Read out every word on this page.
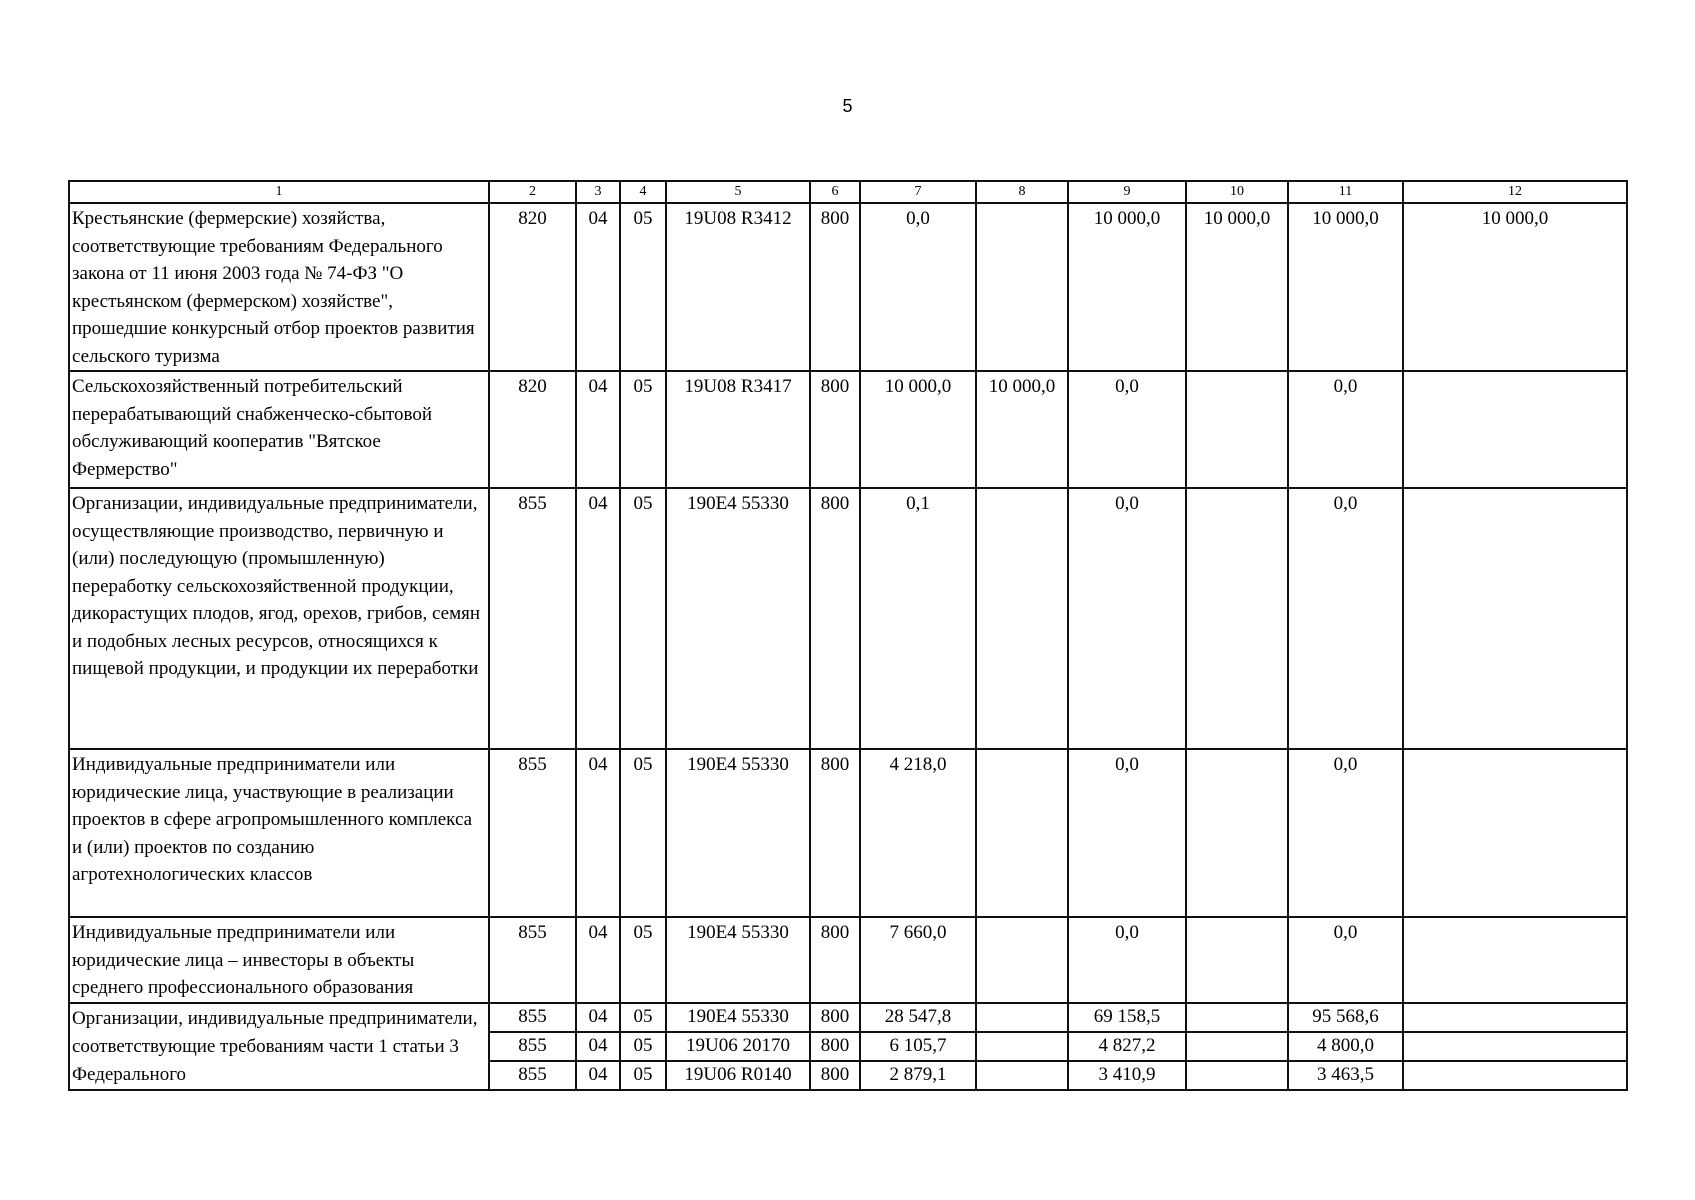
5
1	2	3	4	5	6	7	8	9	10	11	12
Крестьянские (фермерские) хозяйства, соответствующие требованиям Федерального закона от 11 июня 2003 года № 74-ФЗ "О крестьянском (фермерском) хозяйстве", прошедшие конкурсный отбор проектов развития сельского туризма	820	04	05	19U08 R3412	800	0,0		10 000,0	10 000,0	10 000,0	10 000,0
Сельскохозяйственный потребительский перерабатывающий снабженческо-сбытовой обслуживающий кооператив "Вятское Фермерство"	820	04	05	19U08 R3417	800	10 000,0	10 000,0	0,0		0,0	
Организации, индивидуальные предприниматели, осуществляющие производство, первичную и (или) последующую (промышленную) переработку сельскохозяйственной продукции, дикорастущих плодов, ягод, орехов, грибов, семян и подобных лесных ресурсов, относящихся к пищевой продукции, и продукции их переработки	855	04	05	190E4 55330	800	0,1		0,0		0,0	
Индивидуальные предприниматели или юридические лица, участвующие в реализации проектов в сфере агропромышленного комплекса и (или) проектов по созданию агротехнологических классов	855	04	05	190E4 55330	800	4 218,0		0,0		0,0	
Индивидуальные предприниматели или юридические лица – инвесторы в объекты среднего профессионального образования	855	04	05	190E4 55330	800	7 660,0		0,0		0,0	
Организации, индивидуальные предприниматели, соответствующие требованиям части 1 статьи 3 Федерального	855	04	05	190E4 55330	800	28 547,8		69 158,5		95 568,6	
	855	04	05	19U06 20170	800	6 105,7		4 827,2		4 800,0	
	855	04	05	19U06 R0140	800	2 879,1		3 410,9		3 463,5	
